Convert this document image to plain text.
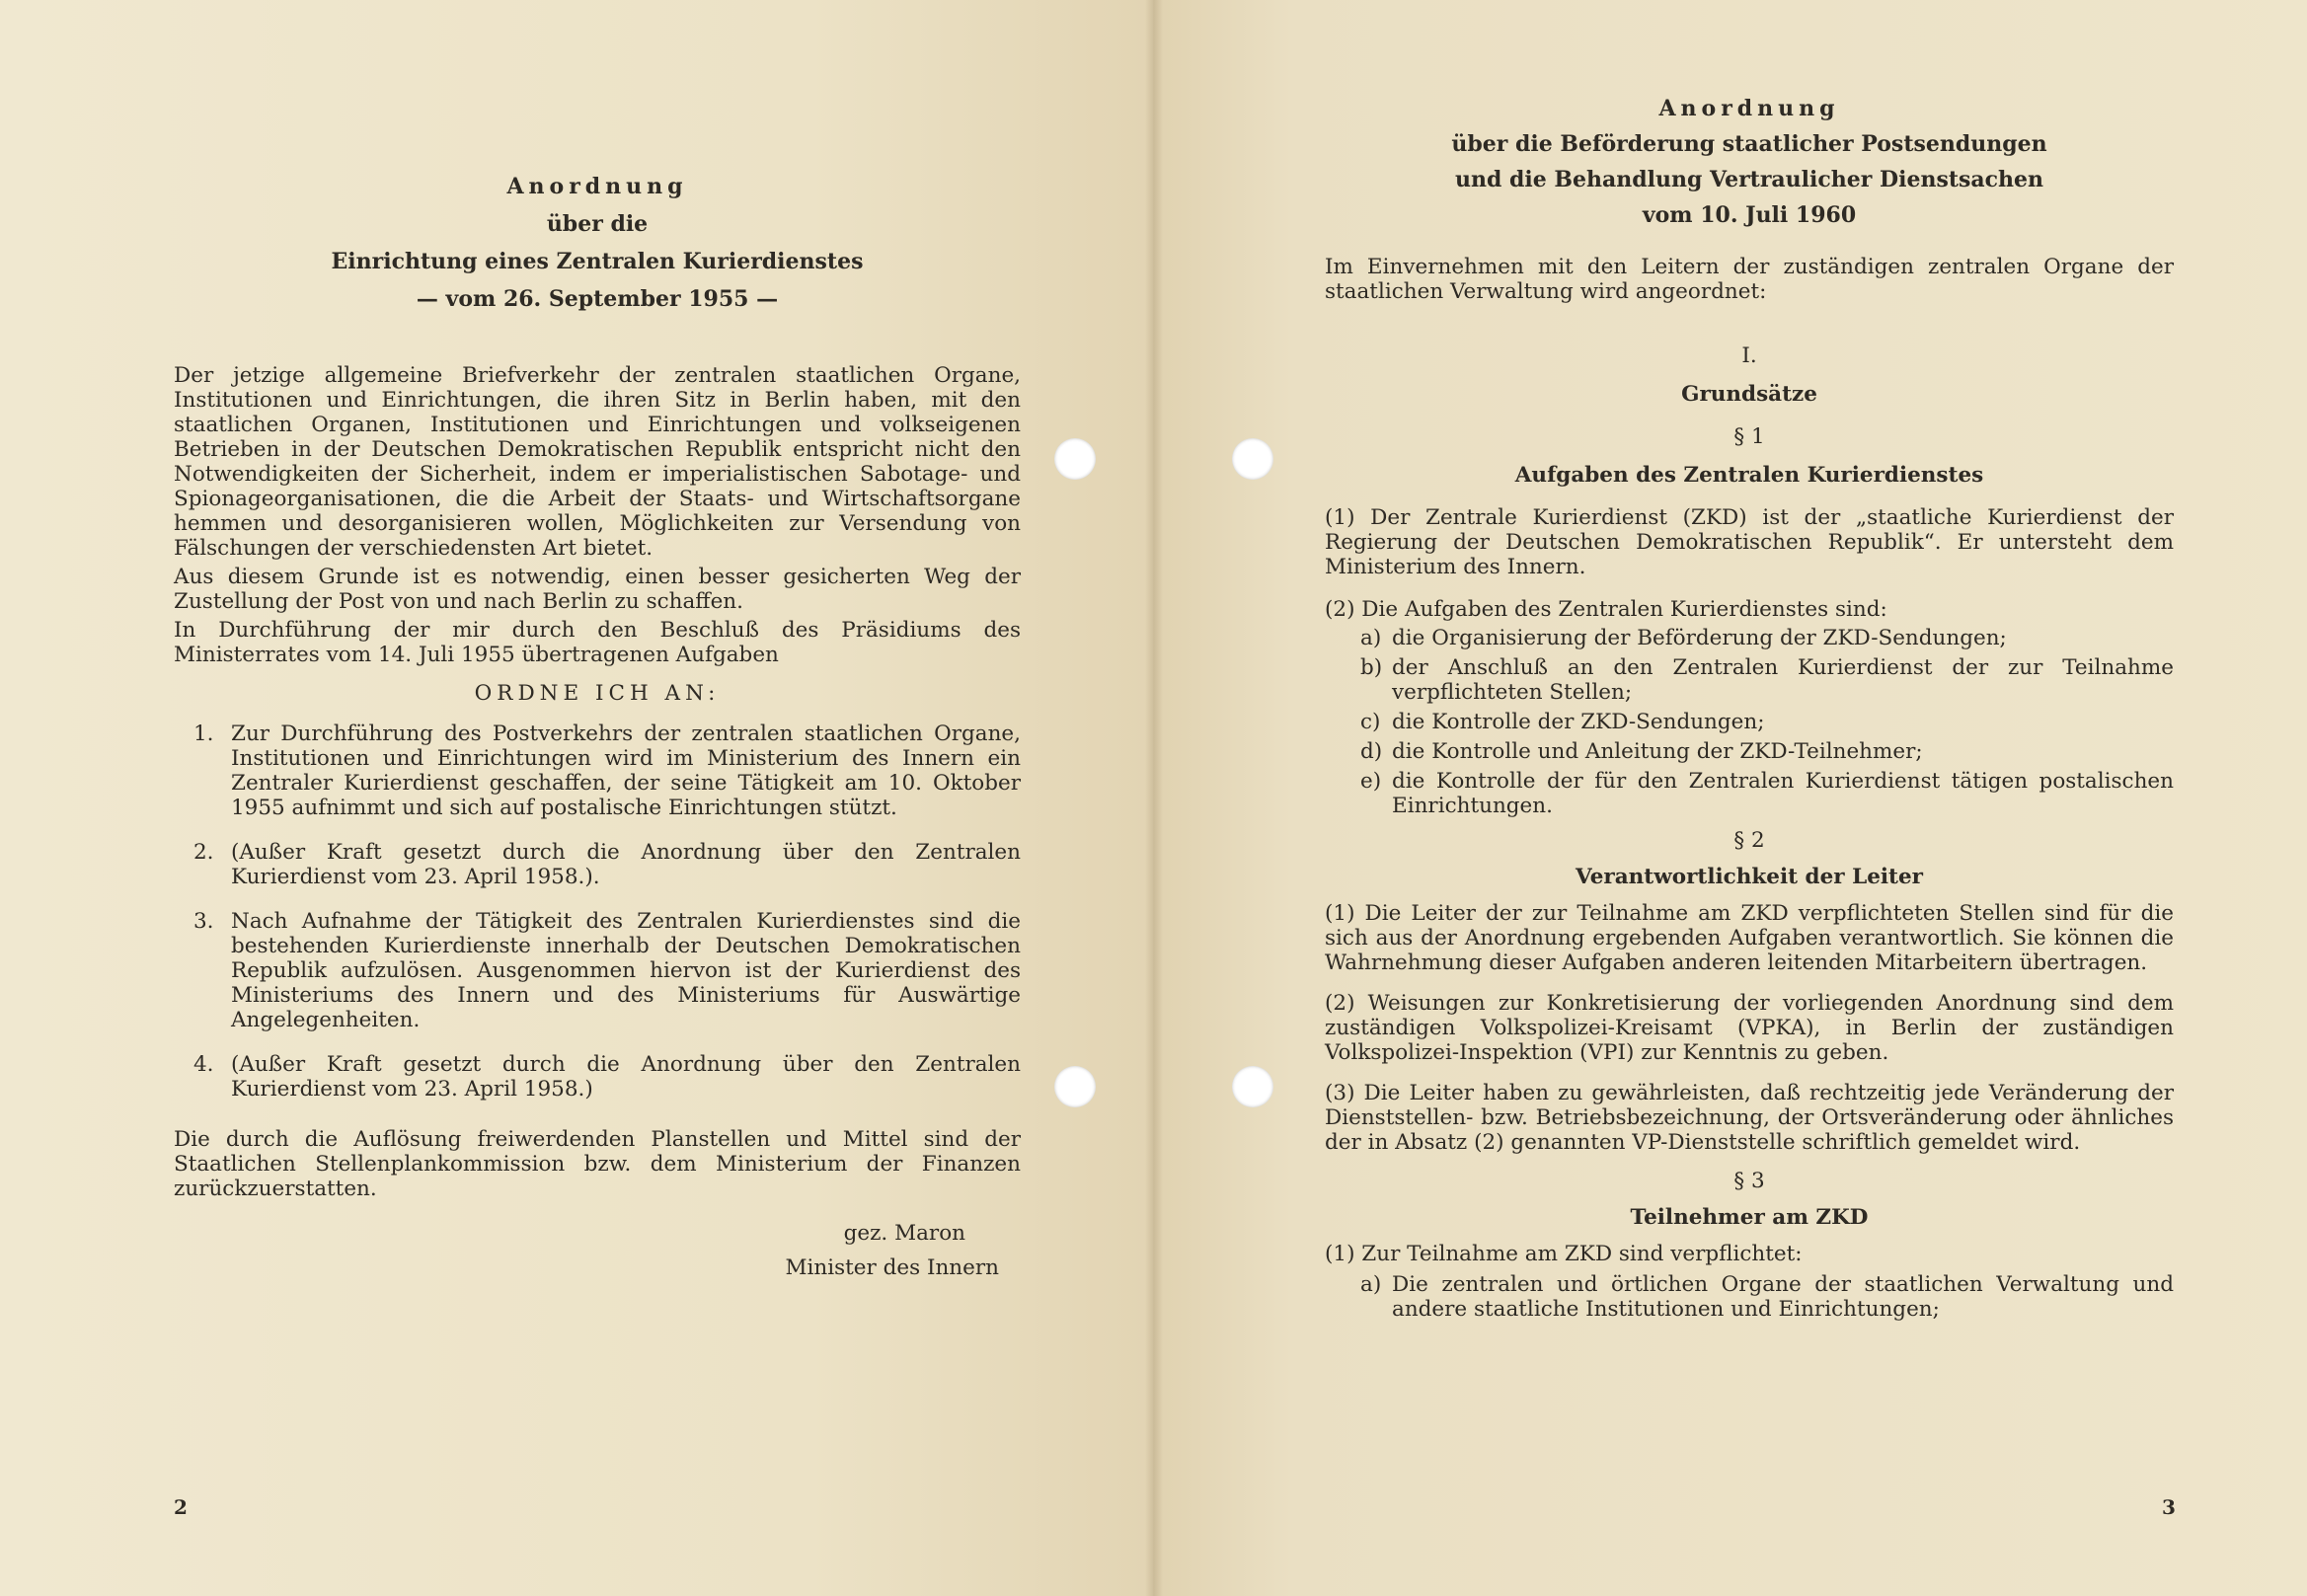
Anordnung
über die
Einrichtung eines Zentralen Kurierdienstes
— vom 26. September 1955 —

Der jetzige allgemeine Briefverkehr der zentralen staatlichen Organe, Institutionen und Einrichtungen, die ihren Sitz in Berlin haben, mit den staatlichen Organen, Institutionen und Einrichtungen und volkseigenen Betrieben in der Deutschen Demokratischen Republik entspricht nicht den Notwendigkeiten der Sicherheit, indem er imperialistischen Sabotage- und Spionageorganisationen, die die Arbeit der Staats- und Wirtschaftsorgane hemmen und desorganisieren wollen, Möglichkeiten zur Versendung von Fälschungen der verschiedensten Art bietet.

Aus diesem Grunde ist es notwendig, einen besser gesicherten Weg der Zustellung der Post von und nach Berlin zu schaffen.

In Durchführung der mir durch den Beschluß des Präsidiums des Ministerrates vom 14. Juli 1955 übertragenen Aufgaben

ORDNE ICH AN:
1. Zur Durchführung des Postverkehrs der zentralen staatlichen Organe, Institutionen und Einrichtungen wird im Ministerium des Innern ein Zentraler Kurierdienst geschaffen, der seine Tätigkeit am 10. Oktober 1955 aufnimmt und sich auf postalische Einrichtungen stützt.
2. (Außer Kraft gesetzt durch die Anordnung über den Zentralen Kurierdienst vom 23. April 1958.).
3. Nach Aufnahme der Tätigkeit des Zentralen Kurierdienstes sind die bestehenden Kurierdienste innerhalb der Deutschen Demokratischen Republik aufzulösen. Ausgenommen hiervon ist der Kurierdienst des Ministeriums des Innern und des Ministeriums für Auswärtige Angelegenheiten.
4. (Außer Kraft gesetzt durch die Anordnung über den Zentralen Kurierdienst vom 23. April 1958.)

Die durch die Auflösung freiwerdenden Planstellen und Mittel sind der Staatlichen Stellenplankommission bzw. dem Ministerium der Finanzen zurückzuerstatten.

gez. Maron
Minister des Innern
2
Anordnung
über die Beförderung staatlicher Postsendungen
und die Behandlung Vertraulicher Dienstsachen
vom 10. Juli 1960

Im Einvernehmen mit den Leitern der zuständigen zentralen Organe der staatlichen Verwaltung wird angeordnet:

I.
Grundsätze
§ 1
Aufgaben des Zentralen Kurierdienstes

(1) Der Zentrale Kurierdienst (ZKD) ist der „staatliche Kurierdienst der Regierung der Deutschen Demokratischen Republik“. Er untersteht dem Ministerium des Innern.

(2) Die Aufgaben des Zentralen Kurierdienstes sind:

a) die Organisierung der Beförderung der ZKD-Sendungen;
b) der Anschluß an den Zentralen Kurierdienst der zur Teilnahme verpflichteten Stellen;
c) die Kontrolle der ZKD-Sendungen;
d) die Kontrolle und Anleitung der ZKD-Teilnehmer;
e) die Kontrolle der für den Zentralen Kurierdienst tätigen postalischen Einrichtungen.
§ 2
Verantwortlichkeit der Leiter

(1) Die Leiter der zur Teilnahme am ZKD verpflichteten Stellen sind für die sich aus der Anordnung ergebenden Aufgaben verantwortlich. Sie können die Wahrnehmung dieser Aufgaben anderen leitenden Mitarbeitern übertragen.

(2) Weisungen zur Konkretisierung der vorliegenden Anordnung sind dem zuständigen Volkspolizei-Kreisamt (VPKA), in Berlin der zuständigen Volkspolizei-Inspektion (VPI) zur Kenntnis zu geben.

(3) Die Leiter haben zu gewährleisten, daß rechtzeitig jede Veränderung der Dienststellen- bzw. Betriebsbezeichnung, der Ortsveränderung oder ähnliches der in Absatz (2) genannten VP-Dienststelle schriftlich gemeldet wird.

§ 3
Teilnehmer am ZKD

(1) Zur Teilnahme am ZKD sind verpflichtet:

a) Die zentralen und örtlichen Organe der staatlichen Verwaltung und andere staatliche Institutionen und Einrichtungen;
3
